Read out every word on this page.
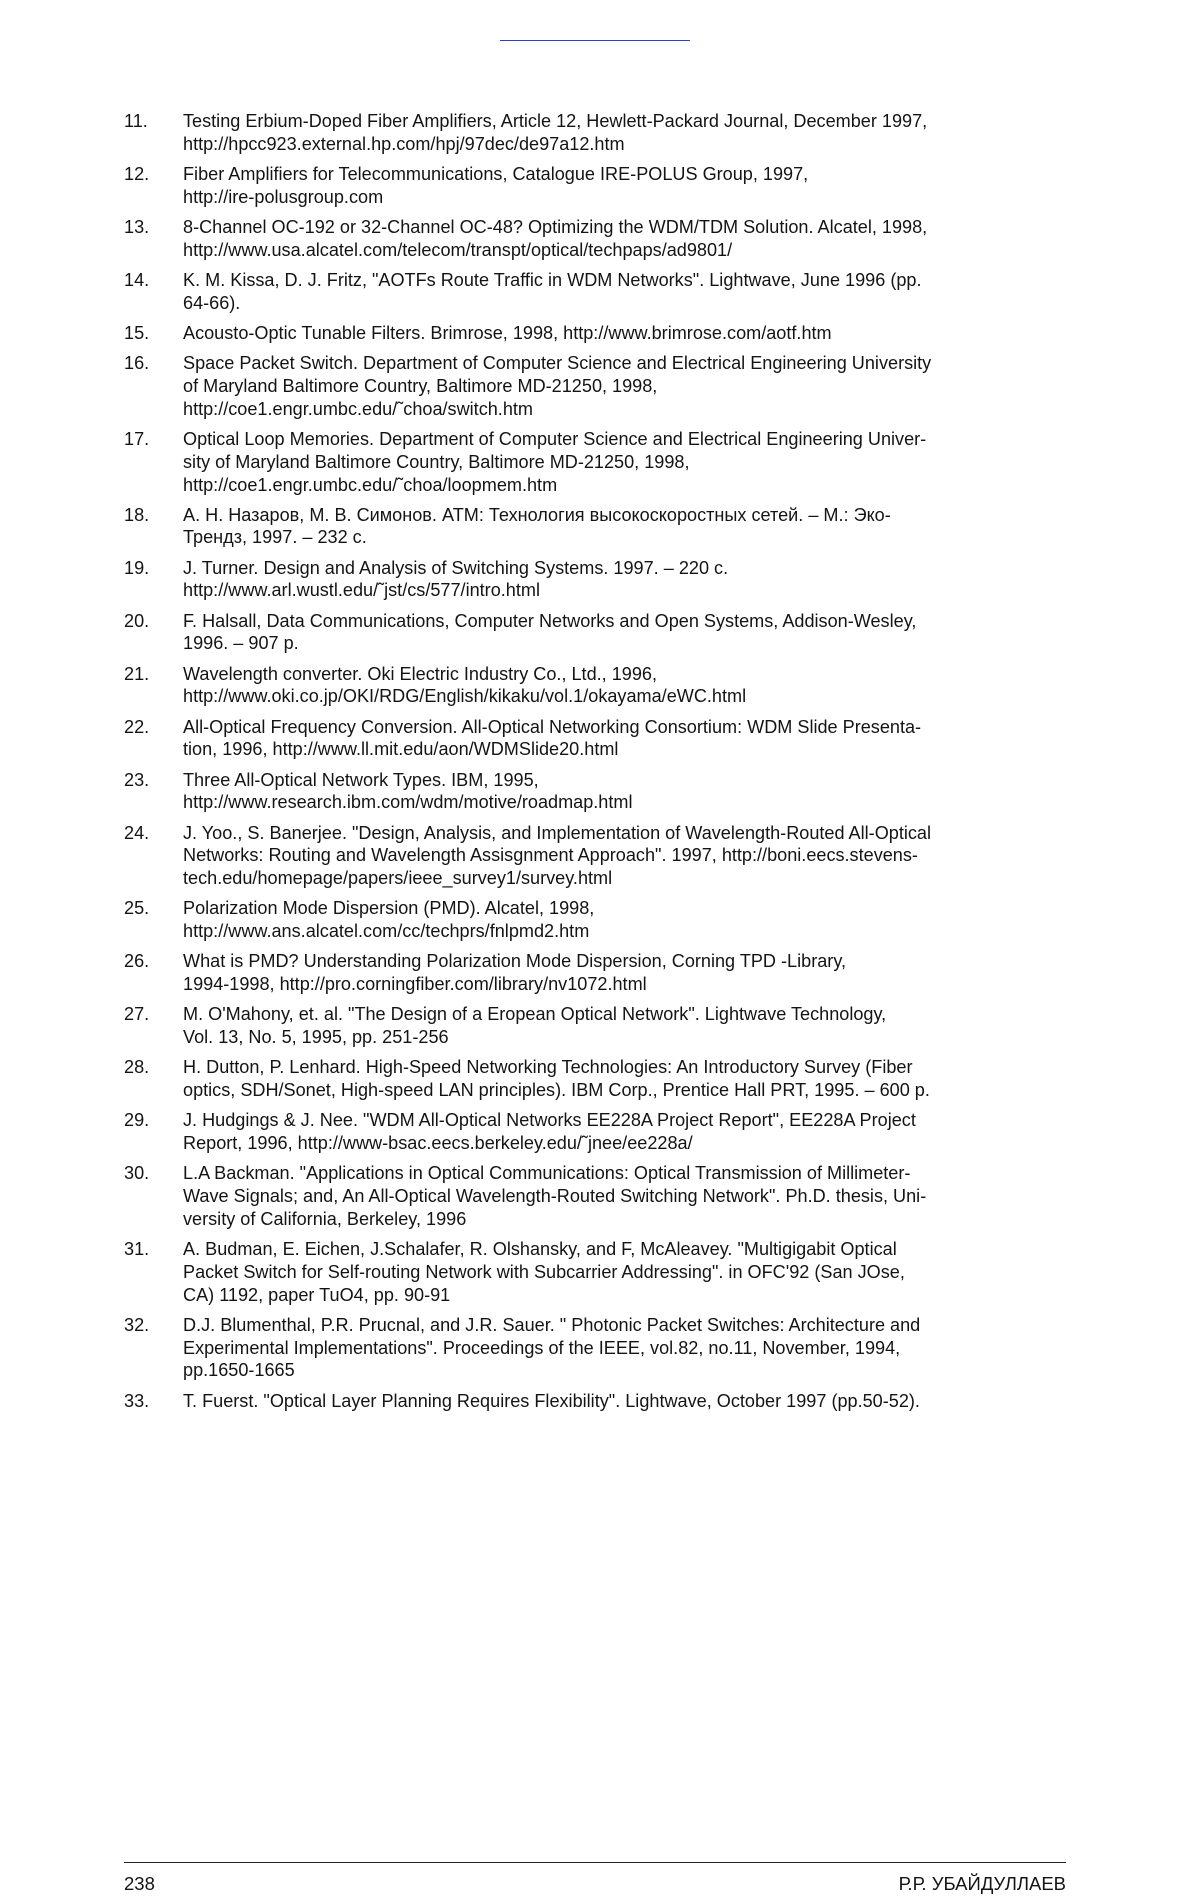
11.	Testing Erbium-Doped Fiber Amplifiers, Article 12, Hewlett-Packard Journal, December 1997,
http://hpcc923.external.hp.com/hpj/97dec/de97a12.htm
12.	Fiber Amplifiers for Telecommunications, Catalogue IRE-POLUS Group, 1997,
http://ire-polusgroup.com
13.	8-Channel OC-192 or 32-Channel OC-48? Optimizing the WDM/TDM Solution. Alcatel, 1998,
http://www.usa.alcatel.com/telecom/transpt/optical/techpaps/ad9801/
14.	K. M. Kissa, D. J. Fritz, "AOTFs Route Traffic in WDM Networks". Lightwave, June 1996 (pp.
64-66).
15.	Acousto-Optic Tunable Filters. Brimrose, 1998, http://www.brimrose.com/aotf.htm
16.	Space Packet Switch. Department of Computer Science and Electrical Engineering University
of Maryland Baltimore Country, Baltimore MD-21250, 1998,
http://coe1.engr.umbc.edu/˜choa/switch.htm
17.	Optical Loop Memories. Department of Computer Science and Electrical Engineering Univer-
sity of Maryland Baltimore Country, Baltimore MD-21250, 1998,
http://coe1.engr.umbc.edu/˜choa/loopmem.htm
18.	А. Н. Назаров, М. В. Симонов. ATM: Технология высокоскоростных сетей. – М.: Эко-
Трендз, 1997. – 232 с.
19.	J. Turner. Design and Analysis of Switching Systems. 1997. – 220 с.
http://www.arl.wustl.edu/˜jst/cs/577/intro.html
20.	F. Halsall, Data Communications, Computer Networks and Open Systems, Addison-Wesley,
1996. – 907 p.
21.	Wavelength converter. Oki Electric Industry Co., Ltd., 1996,
http://www.oki.co.jp/OKI/RDG/English/kikaku/vol.1/okayama/eWC.html
22.	All-Optical Frequency Conversion. All-Optical Networking Consortium: WDM Slide Presenta-
tion, 1996, http://www.ll.mit.edu/aon/WDMSlide20.html
23.	Three All-Optical Network Types. IBM, 1995,
http://www.research.ibm.com/wdm/motive/roadmap.html
24.	J. Yoo., S. Banerjee. "Design, Analysis, and Implementation of Wavelength-Routed All-Optical
Networks: Routing and Wavelength Assisgnment Approach". 1997, http://boni.eecs.stevens-
tech.edu/homepage/papers/ieee_survey1/survey.html
25.	Polarization Mode Dispersion (PMD). Alcatel, 1998,
http://www.ans.alcatel.com/cc/techprs/fnlpmd2.htm
26.	What is PMD? Understanding Polarization Mode Dispersion, Corning TPD -Library,
1994-1998, http://pro.corningfiber.com/library/nv1072.html
27.	M. O'Mahony, et. al. "The Design of a Eropean Optical Network". Lightwave Technology,
Vol. 13, No. 5, 1995, pp. 251-256
28.	H. Dutton, P. Lenhard. High-Speed Networking Technologies: An Introductory Survey (Fiber
optics, SDH/Sonet, High-speed LAN principles). IBM Corp., Prentice Hall PRT, 1995. – 600 p.
29.	J. Hudgings & J. Nee. "WDM All-Optical Networks EE228A Project Report", EE228A Project
Report, 1996, http://www-bsac.eecs.berkeley.edu/˜jnee/ee228a/
30.	L.A Backman. "Applications in Optical Communications: Optical Transmission of Millimeter-
Wave Signals; and, An All-Optical Wavelength-Routed Switching Network". Ph.D. thesis, Uni-
versity of California, Berkeley, 1996
31.	A. Budman, E. Eichen, J.Schalafer, R. Olshansky, and F, McAleavey. "Multigigabit Optical
Packet Switch for Self-routing Network with Subcarrier Addressing". in OFC'92 (San JOse,
CA) 1192, paper TuO4, pp. 90-91
32.	D.J. Blumenthal, P.R. Prucnal, and J.R. Sauer. " Photonic Packet Switches: Architecture and
Experimental Implementations". Proceedings of the IEEE, vol.82, no.11, November, 1994,
pp.1650-1665
33.	T. Fuerst. "Optical Layer Planning Requires Flexibility". Lightwave, October 1997 (pp.50-52).
238	Р.Р. УБАЙДУЛЛАЕВ
